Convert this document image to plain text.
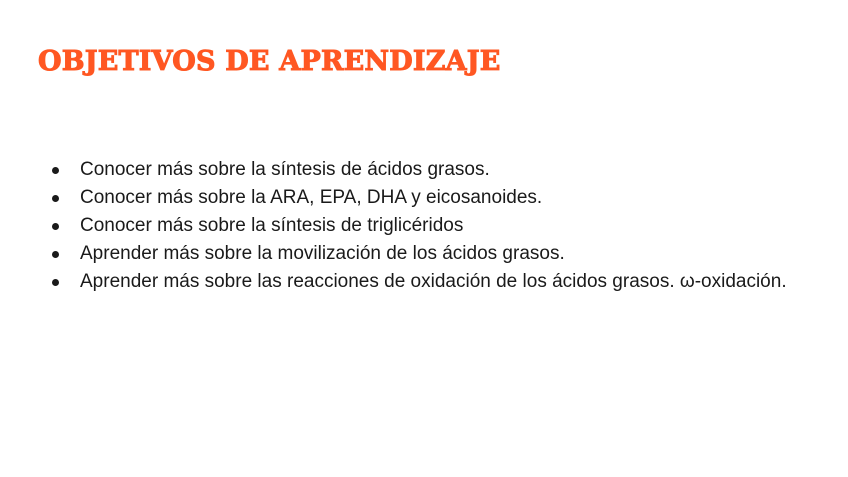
OBJETIVOS DE APRENDIZAJE
Conocer más sobre la síntesis de ácidos grasos.
Conocer más sobre la ARA, EPA, DHA y eicosanoides.
Conocer más sobre la síntesis de triglicéridos
Aprender más sobre la movilización de los ácidos grasos.
Aprender más sobre las reacciones de oxidación de los ácidos grasos. ω-oxidación.
